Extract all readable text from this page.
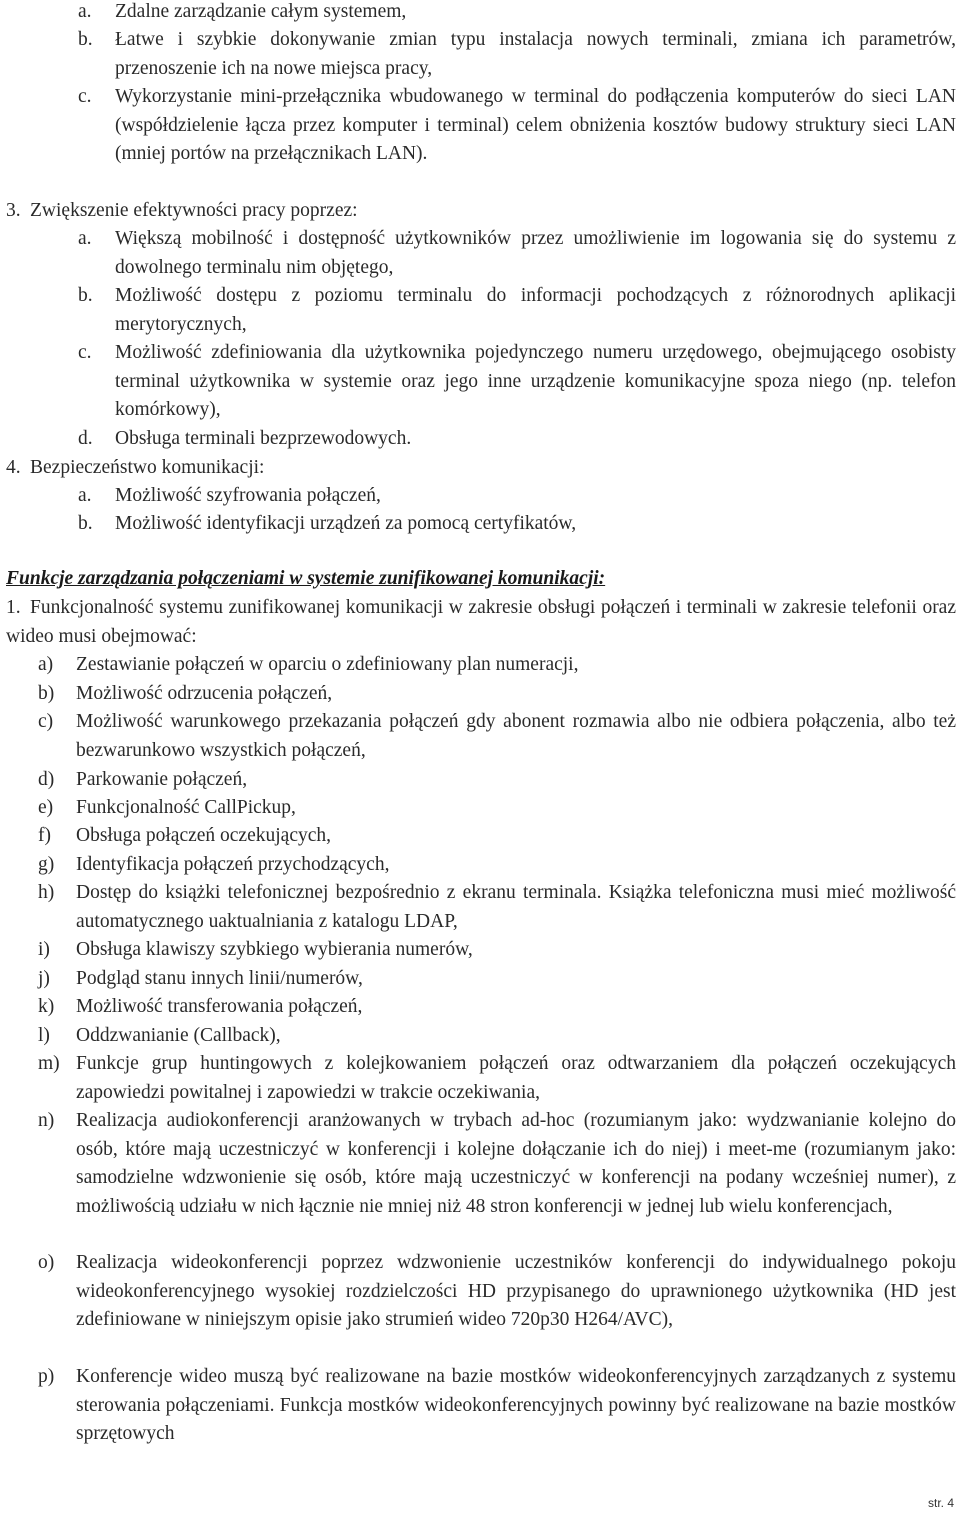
a. Zdalne zarządzanie całym systemem,
b. Łatwe i szybkie dokonywanie zmian typu instalacja nowych terminali, zmiana ich parametrów, przenoszenie ich na nowe miejsca pracy,
c. Wykorzystanie mini-przełącznika wbudowanego w terminal do podłączenia komputerów do sieci LAN (współdzielenie łącza przez komputer i terminal) celem obniżenia kosztów budowy struktury sieci LAN (mniej portów na przełącznikach LAN).
3. Zwiększenie efektywności pracy poprzez:
a. Większą mobilność i dostępność użytkowników przez umożliwienie im logowania się do systemu z dowolnego terminalu nim objętego,
b. Możliwość dostępu z poziomu terminalu do informacji pochodzących z różnorodnych aplikacji merytorycznych,
c. Możliwość zdefiniowania dla użytkownika pojedynczego numeru urzędowego, obejmującego osobisty terminal użytkownika w systemie oraz jego inne urządzenie komunikacyjne spoza niego (np. telefon komórkowy),
d. Obsługa terminali bezprzewodowych.
4. Bezpieczeństwo komunikacji:
a. Możliwość szyfrowania połączeń,
b. Możliwość identyfikacji urządzeń za pomocą certyfikatów,
Funkcje zarządzania połączeniami w systemie zunifikowanej komunikacji:
1. Funkcjonalność systemu zunifikowanej komunikacji w zakresie obsługi połączeń i terminali w zakresie telefonii oraz wideo musi obejmować:
a) Zestawianie połączeń w oparciu o zdefiniowany plan numeracji,
b) Możliwość odrzucenia połączeń,
c) Możliwość warunkowego przekazania połączeń gdy abonent rozmawia albo nie odbiera połączenia, albo też bezwarunkowo wszystkich połączeń,
d) Parkowanie połączeń,
e) Funkcjonalność CallPickup,
f) Obsługa połączeń oczekujących,
g) Identyfikacja połączeń przychodzących,
h) Dostęp do książki telefonicznej bezpośrednio z ekranu terminala. Książka telefoniczna musi mieć możliwość automatycznego uaktualniania z katalogu LDAP,
i) Obsługa klawiszy szybkiego wybierania numerów,
j) Podgląd stanu innych linii/numerów,
k) Możliwość transferowania połączeń,
l) Oddzwanianie (Callback),
m) Funkcje grup huntingowych z kolejkowaniem połączeń oraz odtwarzaniem dla połączeń oczekujących zapowiedzi powitalnej i zapowiedzi w trakcie oczekiwania,
n) Realizacja audiokonferencji aranżowanych w trybach ad-hoc (rozumianym jako: wydzwanianie kolejno do osób, które mają uczestniczyć w konferencji i kolejne dołączanie ich do niej) i meet-me (rozumianym jako: samodzielne wdzwonienie się osób, które mają uczestniczyć w konferencji na podany wcześniej numer), z możliwością udziału w nich łącznie nie mniej niż 48 stron konferencji w jednej lub wielu konferencjach,
o) Realizacja wideokonferencji poprzez wdzwonienie uczestników konferencji do indywidualnego pokoju wideokonferencyjnego wysokiej rozdzielczości HD przypisanego do uprawnionego użytkownika (HD jest zdefiniowane w niniejszym opisie jako strumień wideo 720p30 H264/AVC),
p) Konferencje wideo muszą być realizowane na bazie mostków wideokonferencyjnych zarządzanych z systemu sterowania połączeniami. Funkcja mostków wideokonferencyjnych powinny być realizowane na bazie mostków sprzętowych
str. 4
